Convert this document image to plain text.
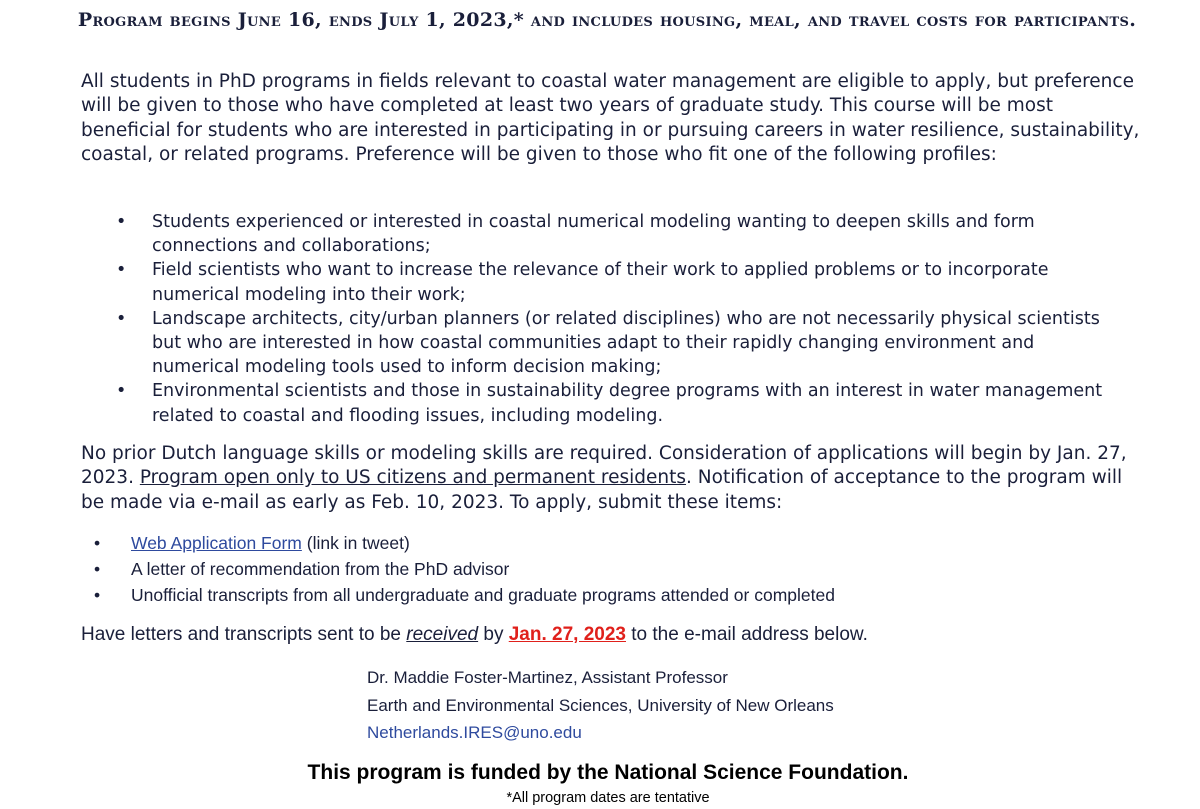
Program begins June 16, ends July 1, 2023,* and includes housing, meal, and travel costs for participants.

All students in PhD programs in fields relevant to coastal water management are eligible to apply, but preference will be given to those who have completed at least two years of graduate study. This course will be most beneficial for students who are interested in participating in or pursuing careers in water resilience, sustainability, coastal, or related programs. Preference will be given to those who fit one of the following profiles:

• Students experienced or interested in coastal numerical modeling wanting to deepen skills and form connections and collaborations;
• Field scientists who want to increase the relevance of their work to applied problems or to incorporate numerical modeling into their work;
• Landscape architects, city/urban planners (or related disciplines) who are not necessarily physical scientists but who are interested in how coastal communities adapt to their rapidly changing environment and numerical modeling tools used to inform decision making;
• Environmental scientists and those in sustainability degree programs with an interest in water management related to coastal and flooding issues, including modeling.

No prior Dutch language skills or modeling skills are required. Consideration of applications will begin by Jan. 27, 2023. Program open only to US citizens and permanent residents. Notification of acceptance to the program will be made via e-mail as early as Feb. 10, 2023. To apply, submit these items:

• Web Application Form (link in tweet)
• A letter of recommendation from the PhD advisor
• Unofficial transcripts from all undergraduate and graduate programs attended or completed

Have letters and transcripts sent to be received by Jan. 27, 2023 to the e-mail address below.

Dr. Maddie Foster-Martinez, Assistant Professor
Earth and Environmental Sciences, University of New Orleans
Netherlands.IRES@uno.edu
This program is funded by the National Science Foundation.
*All program dates are tentative
